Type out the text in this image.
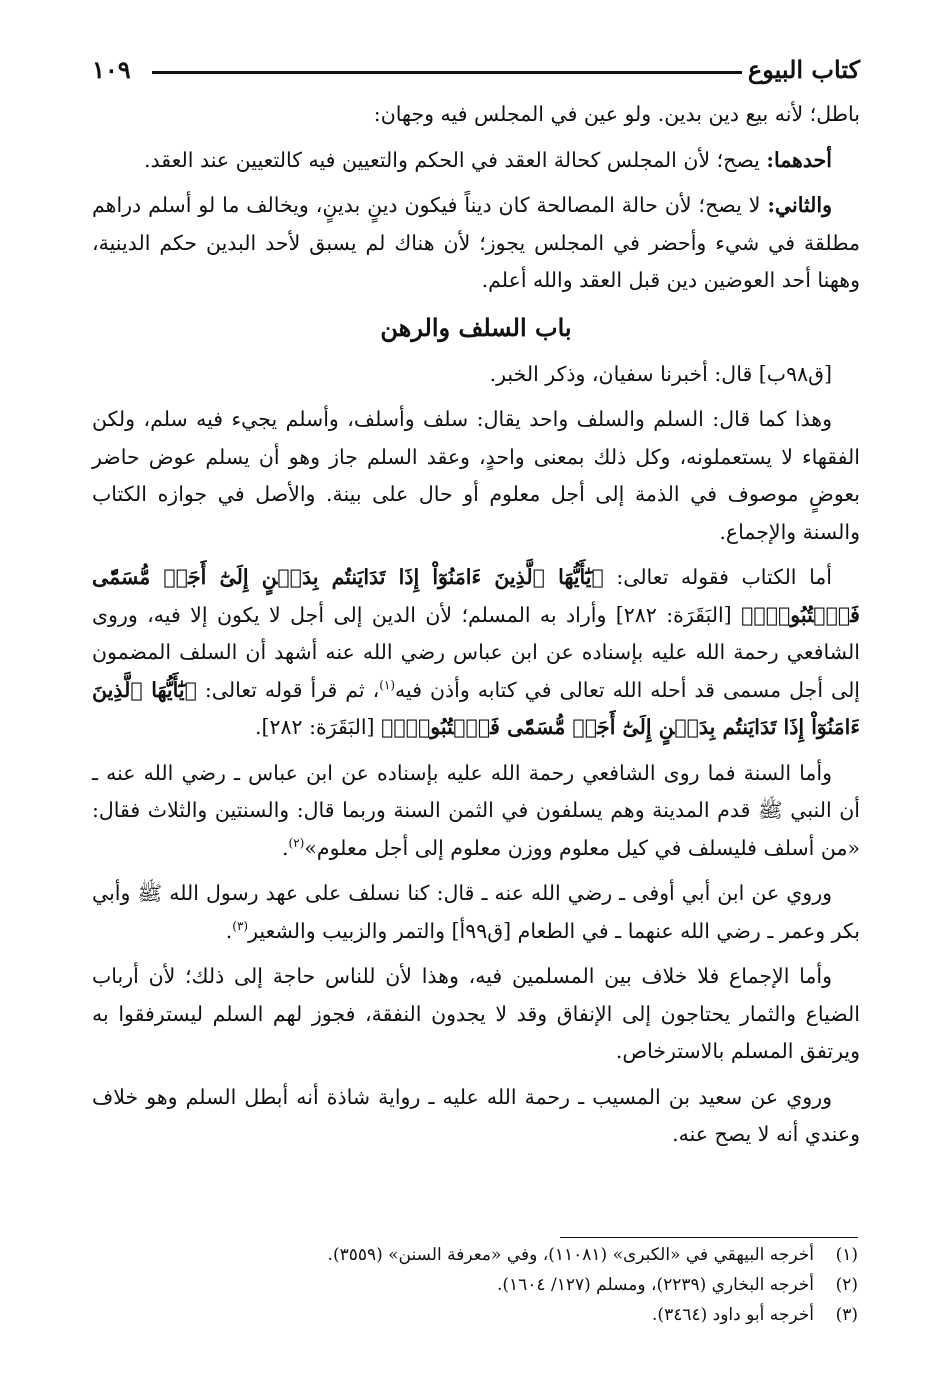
كتاب البيوع
١٠٩

باطل؛ لأنه بيع دين بدين. ولو عين في المجلس فيه وجهان:

أحدهما: يصح؛ لأن المجلس كحالة العقد في الحكم والتعيين فيه كالتعيين عند العقد.

والثاني: لا يصح؛ لأن حالة المصالحة كان ديناً فيكون دينٍ بدينٍ، ويخالف ما لو أسلم دراهم مطلقة في شيء وأحضر في المجلس يجوز؛ لأن هناك لم يسبق لأحد البدين حكم الدينية، وههنا أحد العوضين دين قبل العقد والله أعلم.

باب السلف والرهن

[ق٩٨ب] قال: أخبرنا سفيان، وذكر الخبر.

وهذا كما قال: السلم والسلف واحد يقال: سلف وأسلف، وأسلم يجيء فيه سلم، ولكن الفقهاء لا يستعملونه، وكل ذلك بمعنى واحدٍ، وعقد السلم جاز وهو أن يسلم عوض حاضر بعوضٍ موصوف في الذمة إلى أجل معلوم أو حال على بينة. والأصل في جوازه الكتاب والسنة والإجماع.

أما الكتاب فقوله تعالى: ﴿يَٰٓأَيُّهَا ٱلَّذِينَ ءَامَنُوٓاْ إِذَا تَدَايَنتُم بِدَيۡنٍ إِلَىٰٓ أَجَلٖ مُّسَمّٗى فَٱكۡتُبُوهُۚ﴾ [البَقَرَة: ٢٨٢] وأراد به المسلم؛ لأن الدين إلى أجل لا يكون إلا فيه، وروى الشافعي رحمة الله عليه بإسناده عن ابن عباس رضي الله عنه أشهد أن السلف المضمون إلى أجل مسمى قد أحله الله تعالى في كتابه وأذن فيه$^{(١)}$، ثم قرأ قوله تعالى: ﴿يَٰٓأَيُّهَا ٱلَّذِينَ ءَامَنُوٓاْ إِذَا تَدَايَنتُم بِدَيۡنٍ إِلَىٰٓ أَجَلٖ مُّسَمّٗى فَٱكۡتُبُوهُۚ﴾ [البَقَرَة: ٢٨٢].

وأما السنة فما روى الشافعي رحمة الله عليه بإسناده عن ابن عباس ـ رضي الله عنه ـ أن النبي ﷺ قدم المدينة وهم يسلفون في الثمن السنة وربما قال: والسنتين والثلاث فقال: «من أسلف فليسلف في كيل معلوم ووزن معلوم إلى أجل معلوم»$^{(٢)}$.

وروي عن ابن أبي أوفى ـ رضي الله عنه ـ قال: كنا نسلف على عهد رسول الله ﷺ وأبي بكر وعمر ـ رضي الله عنهما ـ في الطعام [ق٩٩أ] والتمر والزبيب والشعير$^{(٣)}$.

وأما الإجماع فلا خلاف بين المسلمين فيه، وهذا لأن للناس حاجة إلى ذلك؛ لأن أرباب الضياع والثمار يحتاجون إلى الإنفاق وقد لا يجدون النفقة، فجوز لهم السلم ليسترفقوا به ويرتفق المسلم بالاسترخاص.

وروي عن سعيد بن المسيب ـ رحمة الله عليه ـ رواية شاذة أنه أبطل السلم وهو خلاف وعندي أنه لا يصح عنه.

(١)
أخرجه البيهقي في «الكبرى» (١١٠٨١)، وفي «معرفة السنن» (٣٥٥٩).
(٢)
أخرجه البخاري (٢٢٣٩)، ومسلم (١٢٧/ ١٦٠٤).
(٣)
أخرجه أبو داود (٣٤٦٤).
